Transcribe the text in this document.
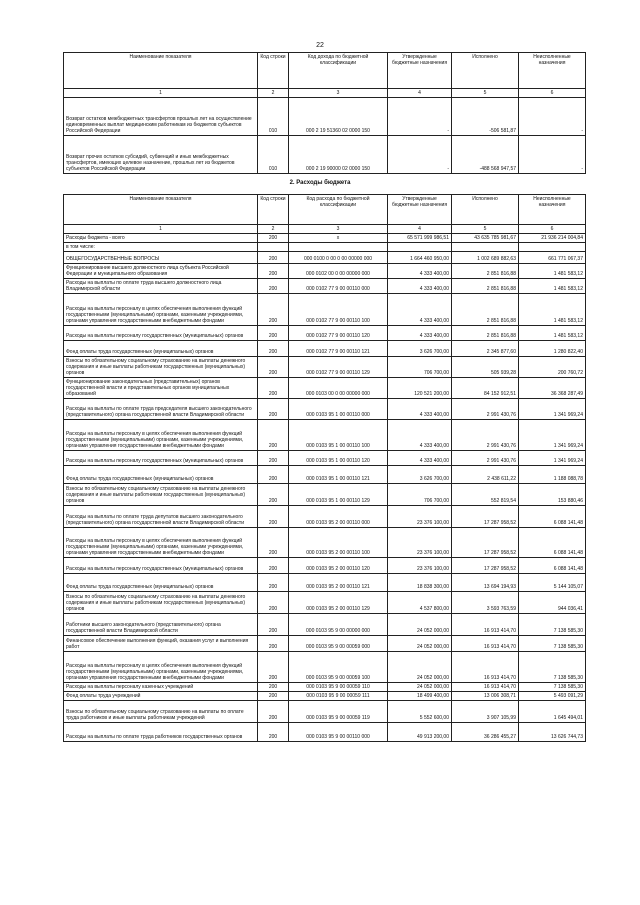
22
Наименование показателя	Код строки	Код дохода по бюджетной классификации	Утвержденные бюджетные назначения	Исполнено	Неисполненные назначения
1	2	3	4	5	6
Возврат остатков межбюджетных трансфертов прошлых лет на осуществление единовременных выплат медицинским работникам из бюджетов субъектов Российской Федерации	010	000 2 19 51360 02 0000 150	-	-506 581,87	-
Возврат прочих остатков субсидий, субвенций и иных межбюджетных трансфертов, имеющих целевое назначение, прошлых лет из бюджетов субъектов Российской Федерации	010	000 2 19 90000 02 0000 150	-	-488 568 947,57	-
2. Расходы бюджета
Наименование показателя	Код строки	Код расхода по бюджетной классификации	Утвержденные бюджетные назначения	Исполнено	Неисполненные назначения
1	2	3	4	5	6
Расходы бюджета - всего	200	x	65 571 999 986,51	43 635 785 981,67	21 936 214 004,84
в том числе:					
ОБЩЕГОСУДАРСТВЕННЫЕ ВОПРОСЫ	200	000 0100 0 00 0 00 00000 000	1 664 460 950,00	1 002 689 882,63	661 771 067,37
Функционирование высшего должностного лица субъекта Российской Федерации и муниципального образования	200	000 0102 00 0 00 00000 000	4 333 400,00	2 851 816,88	1 481 583,12
Расходы на выплаты по оплате труда высшего должностного лица Владимирской области	200	000 0102 77 9 00 00110 000	4 333 400,00	2 851 816,88	1 481 583,12
Расходы на выплаты персоналу в целях обеспечения выполнения функций государственными (муниципальными) органами, казенными учреждениями, органами управления государственными внебюджетными фондами	200	000 0102 77 9 00 00110 100	4 333 400,00	2 851 816,88	1 481 583,12
Расходы на выплаты персоналу государственных (муниципальных) органов	200	000 0102 77 9 00 00110 120	4 333 400,00	2 851 816,88	1 481 583,12
Фонд оплаты труда государственных (муниципальных) органов	200	000 0102 77 9 00 00110 121	3 626 700,00	2 345 877,60	1 280 822,40
Взносы по обязательному социальному страхованию на выплаты денежного содержания и иные выплаты работникам государственных (муниципальных) органов	200	000 0102 77 9 00 00110 129	706 700,00	505 939,28	200 760,72
Функционирование законодательных (представительных) органов государственной власти и представительных органов муниципальных образований	200	000 0103 00 0 00 00000 000	120 521 200,00	84 152 912,51	36 368 287,49
Расходы на выплаты по оплате труда председателя высшего законодательного (представительного) органа государственной власти Владимирской области	200	000 0103 95 1 00 00110 000	4 333 400,00	2 991 430,76	1 341 969,24
Расходы на выплаты персоналу в целях обеспечения выполнения функций государственными (муниципальными) органами, казенными учреждениями, органами управления государственными внебюджетными фондами	200	000 0103 95 1 00 00110 100	4 333 400,00	2 991 430,76	1 341 969,24
Расходы на выплаты персоналу государственных (муниципальных) органов	200	000 0103 95 1 00 00110 120	4 333 400,00	2 991 430,76	1 341 969,24
Фонд оплаты труда государственных (муниципальных) органов	200	000 0103 95 1 00 00110 121	3 626 700,00	2 438 611,22	1 188 088,78
Взносы по обязательному социальному страхованию на выплаты денежного содержания и иные выплаты работникам государственных (муниципальных) органов	200	000 0103 95 1 00 00110 129	706 700,00	552 819,54	153 880,46
Расходы на выплаты по оплате труда депутатов высшего законодательного (представительного) органа государственной власти Владимирской области	200	000 0103 95 2 00 00110 000	23 376 100,00	17 287 958,52	6 088 141,48
Расходы на выплаты персоналу в целях обеспечения выполнения функций государственными (муниципальными) органами, казенными учреждениями, органами управления государственными внебюджетными фондами	200	000 0103 95 2 00 00110 100	23 376 100,00	17 287 958,52	6 088 141,48
Расходы на выплаты персоналу государственных (муниципальных) органов	200	000 0103 95 2 00 00110 120	23 376 100,00	17 287 958,52	6 088 141,48
Фонд оплаты труда государственных (муниципальных) органов	200	000 0103 95 2 00 00110 121	18 838 300,00	13 694 194,93	5 144 105,07
Взносы по обязательному социальному страхованию на выплаты денежного содержания и иные выплаты работникам государственных (муниципальных) органов	200	000 0103 95 2 00 00110 129	4 537 800,00	3 593 763,59	944 036,41
Работники высшего законодательного (представительного) органа государственной власти Владимирской области	200	000 0103 95 9 00 00000 000	24 052 000,00	16 913 414,70	7 138 585,30
Финансовое обеспечение выполнения функций, оказания услуг и выполнения работ	200	000 0103 95 9 00 00059 000	24 052 000,00	16 913 414,70	7 138 585,30
Расходы на выплаты персоналу в целях обеспечения выполнения функций государственными (муниципальными) органами, казенными учреждениями, органами управления государственными внебюджетными фондами	200	000 0103 95 9 00 00059 100	24 052 000,00	16 913 414,70	7 138 585,30
Расходы на выплаты персоналу казенных учреждений	200	000 0103 95 9 00 00059 110	24 052 000,00	16 913 414,70	7 138 585,30
Фонд оплаты труда учреждений	200	000 0103 95 9 00 00059 111	18 499 400,00	13 006 308,71	5 493 091,29
Взносы по обязательному социальному страхованию на выплаты по оплате труда работников и иные выплаты работникам учреждений	200	000 0103 95 9 00 00059 119	5 552 600,00	3 907 105,99	1 645 494,01
Расходы на выплаты по оплате труда работников государственных органов	200	000 0103 95 9 00 00110 000	49 913 200,00	36 286 455,27	13 626 744,73
